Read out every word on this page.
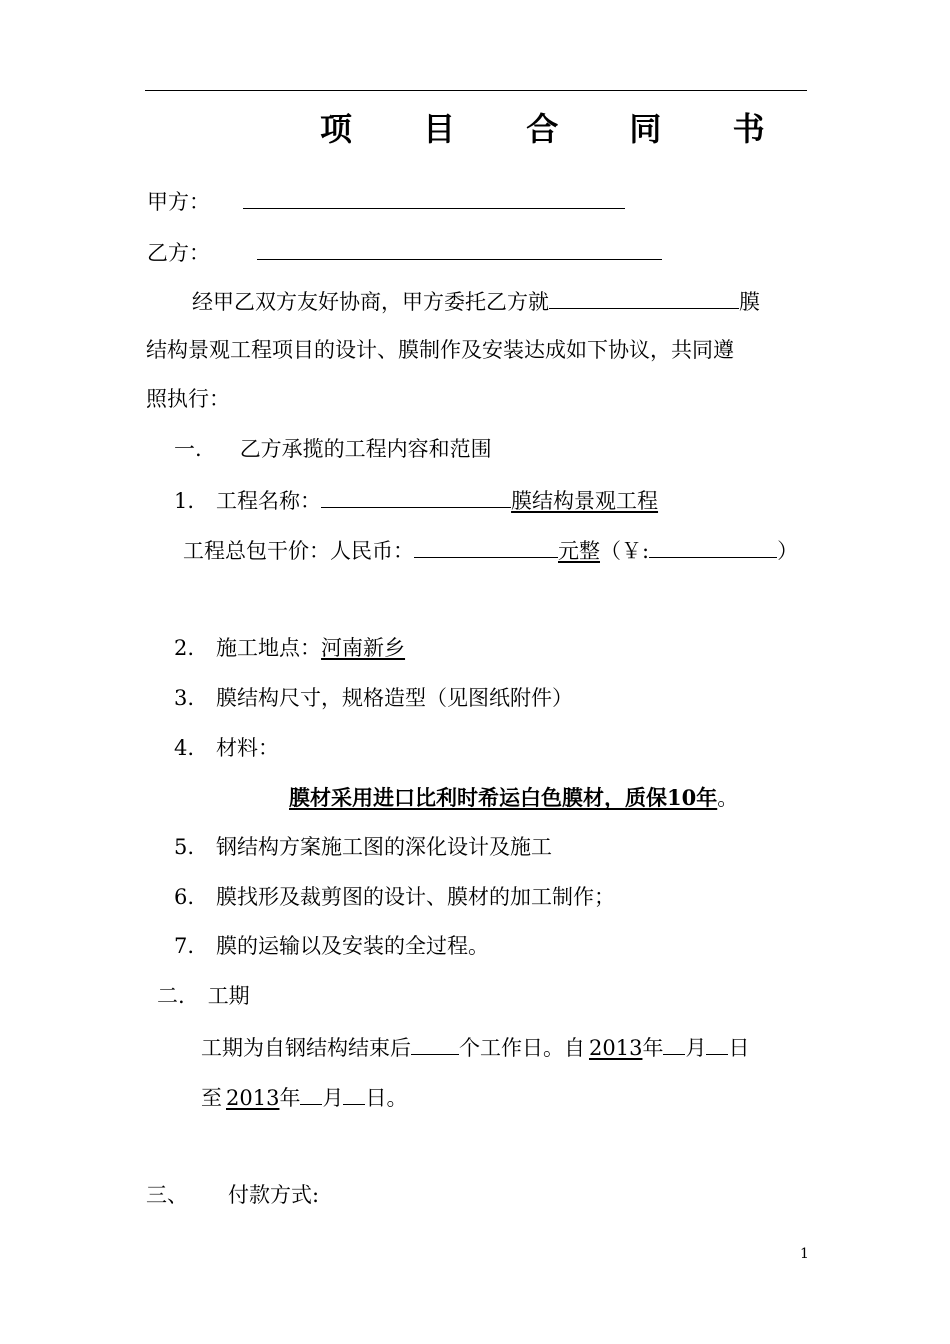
项 目 合 同 书
甲方：
乙方：
经甲乙双方友好协商，甲方委托乙方就	膜
结构景观工程项目的设计、膜制作及安装达成如下协议，共同遵
照执行：
一. 乙方承揽的工程内容和范围
1. 工程名称：	膜结构景观工程
工程总包干价：人民币：	元整（￥:	）
2. 施工地点：河南新乡
3. 膜结构尺寸，规格造型（见图纸附件）
4. 材料：
膜材采用进口比利时希运白色膜材，质保10年。
5. 钢结构方案施工图的深化设计及施工
6. 膜找形及裁剪图的设计、膜材的加工制作；
7. 膜的运输以及安装的全过程。
二. 工期
工期为自钢结构结束后 个工作日。自 2013年 月 日
至 2013年 月 日。
三、 付款方式:
1
